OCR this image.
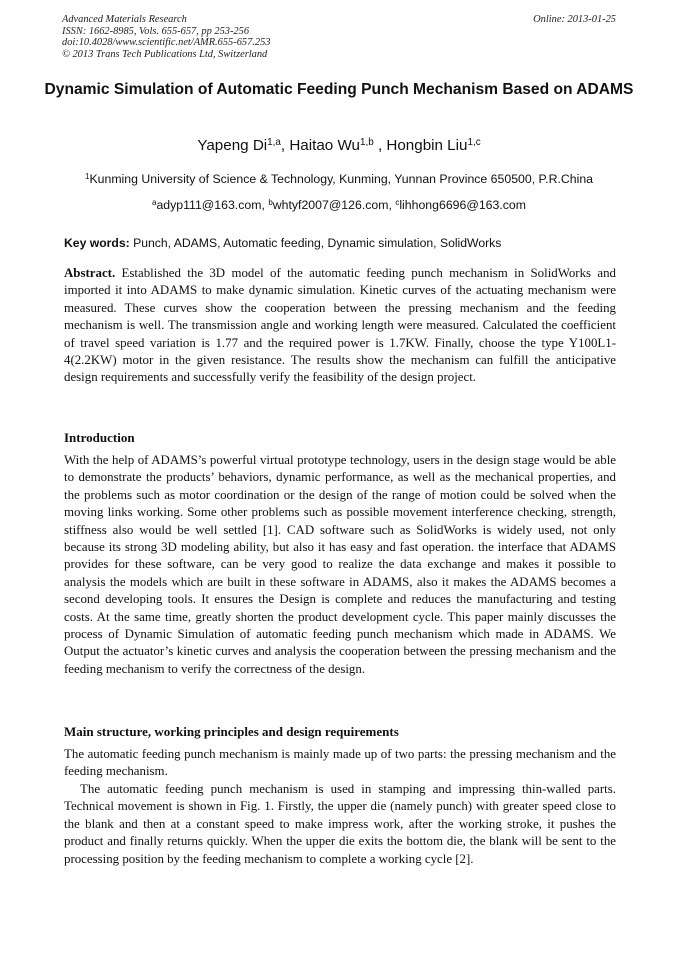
Advanced Materials Research
ISSN: 1662-8985, Vols. 655-657, pp 253-256
doi:10.4028/www.scientific.net/AMR.655-657.253
© 2013 Trans Tech Publications Ltd, Switzerland
Online: 2013-01-25
Dynamic Simulation of Automatic Feeding Punch Mechanism Based on ADAMS
Yapeng Di$^{1,a}$, Haitao Wu$^{1,b}$ , Hongbin Liu$^{1,c}$
$^1$Kunming University of Science & Technology, Kunming, Yunnan Province 650500, P.R.China
$^a$adyp111@163.com, $^b$whtyf2007@126.com, $^c$lihhong6696@163.com
Key words: Punch, ADAMS, Automatic feeding, Dynamic simulation, SolidWorks
Abstract. Established the 3D model of the automatic feeding punch mechanism in SolidWorks and imported it into ADAMS to make dynamic simulation. Kinetic curves of the actuating mechanism were measured. These curves show the cooperation between the pressing mechanism and the feeding mechanism is well. The transmission angle and working length were measured. Calculated the coefficient of travel speed variation is 1.77 and the required power is 1.7KW. Finally, choose the type Y100L1-4(2.2KW) motor in the given resistance. The results show the mechanism can fulfill the anticipative design requirements and successfully verify the feasibility of the design project.
Introduction
With the help of ADAMS’s powerful virtual prototype technology, users in the design stage would be able to demonstrate the products’ behaviors, dynamic performance, as well as the mechanical properties, and the problems such as motor coordination or the design of the range of motion could be solved when the moving links working. Some other problems such as possible movement interference checking, strength, stiffness also would be well settled [1]. CAD software such as SolidWorks is widely used, not only because its strong 3D modeling ability, but also it has easy and fast operation. the interface that ADAMS provides for these software, can be very good to realize the data exchange and makes it possible to analysis the models which are built in these software in ADAMS, also it makes the ADAMS becomes a second developing tools. It ensures the Design is complete and reduces the manufacturing and testing costs. At the same time, greatly shorten the product development cycle. This paper mainly discusses the process of Dynamic Simulation of automatic feeding punch mechanism which made in ADAMS. We Output the actuator’s kinetic curves and analysis the cooperation between the pressing mechanism and the feeding mechanism to verify the correctness of the design.
Main structure, working principles and design requirements
The automatic feeding punch mechanism is mainly made up of two parts: the pressing mechanism and the feeding mechanism.
The automatic feeding punch mechanism is used in stamping and impressing thin-walled parts. Technical movement is shown in Fig. 1. Firstly, the upper die (namely punch) with greater speed close to the blank and then at a constant speed to make impress work, after the working stroke, it pushes the product and finally returns quickly. When the upper die exits the bottom die, the blank will be sent to the processing position by the feeding mechanism to complete a working cycle [2].
